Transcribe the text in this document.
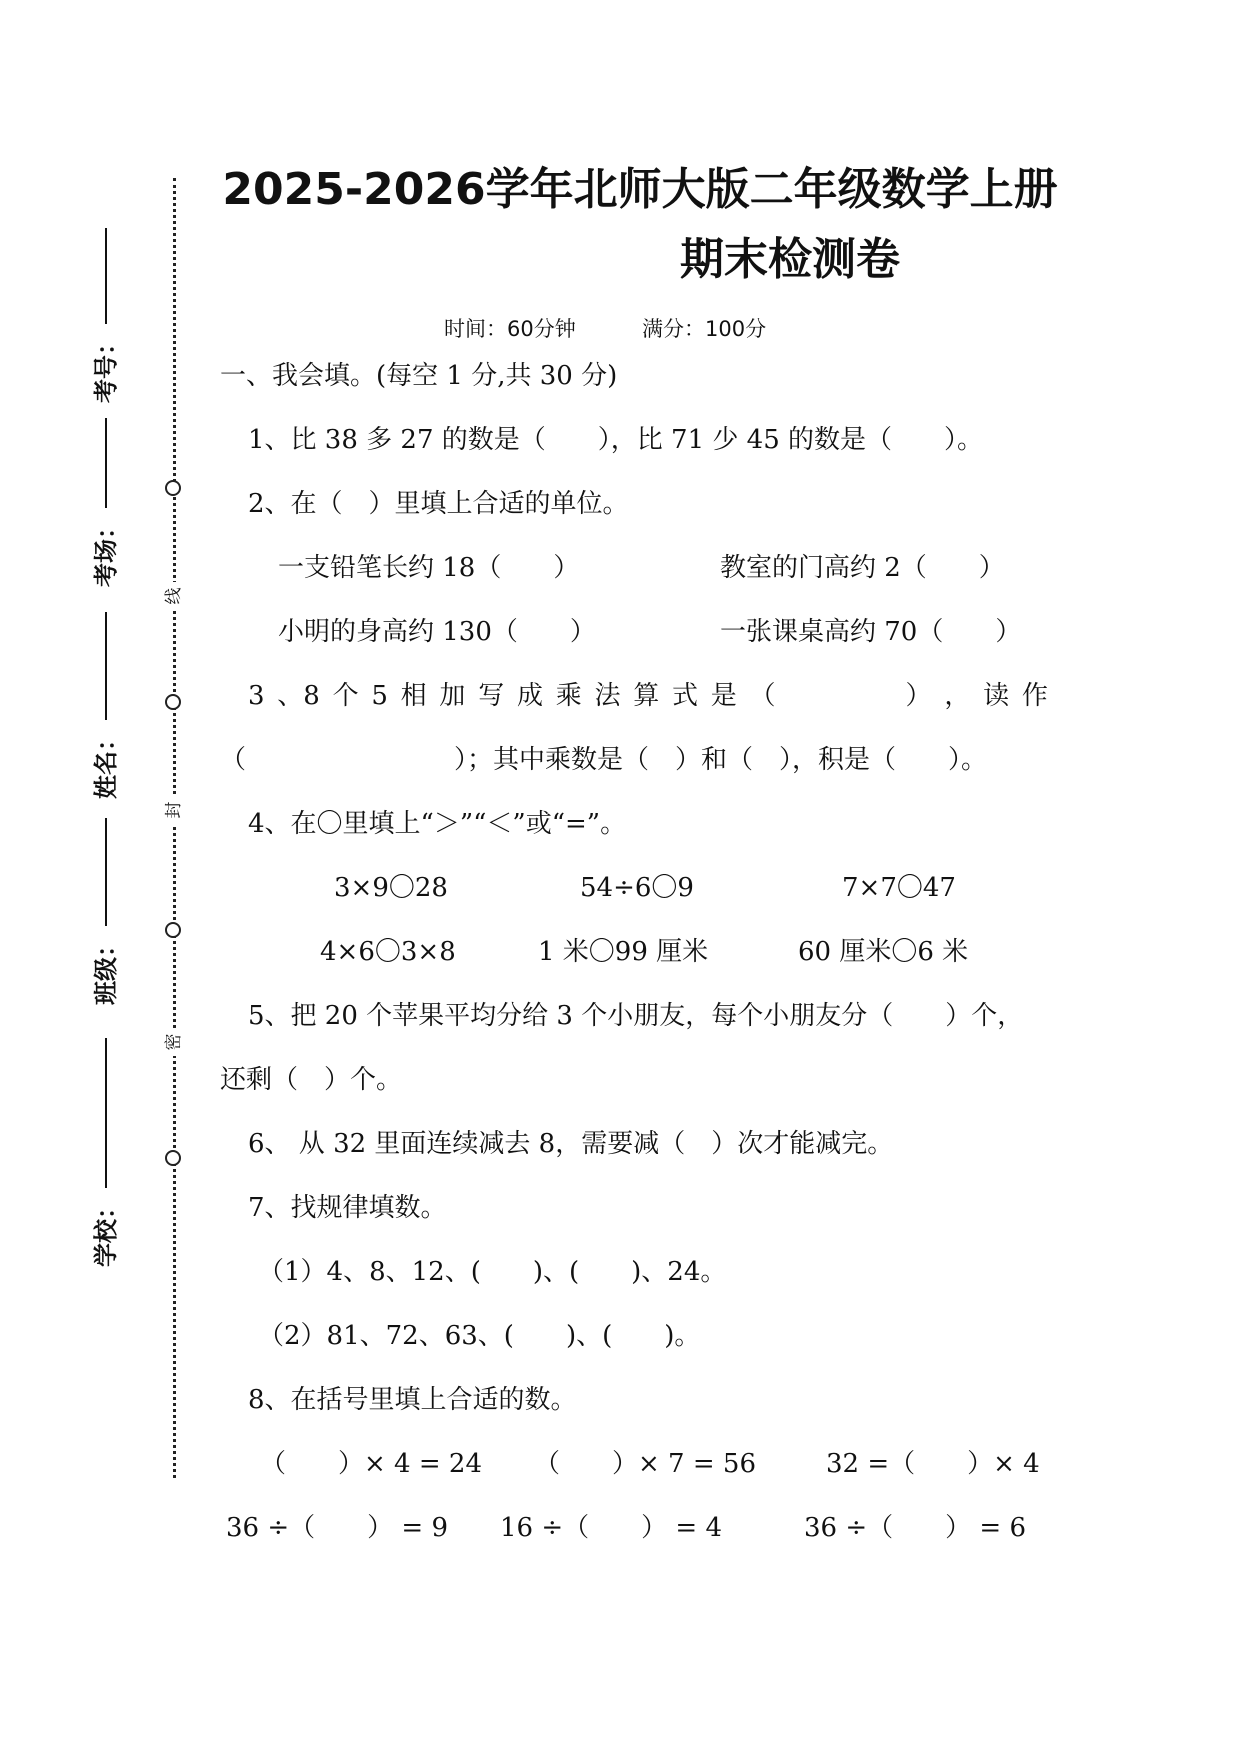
考号：
考场：
姓名：
班级：
学校：
线
封
密
2025-2026学年北师大版二年级数学上册
期末检测卷
时间：60分钟	满分：100分
一、我会填。(每空 1 分,共 30 分)
1、比 38 多 27 的数是（　　），比 71 少 45 的数是（　　）。
2、在（　）里填上合适的单位。
一支铅笔长约 18（　　）	教室的门高约 2（　　）
小明的身高约 130（　　）	一张课桌高约 70（　　）
3 、8 个 5 相 加 写 成 乘 法 算 式 是 （　　　　　） ， 读 作
（　　　　　　　　）；其中乘数是（　）和（　），积是（　　）。
4、在〇里填上“＞”“＜”或“=”。
3×9〇28	54÷6〇9	7×7〇47
4×6〇3×8	1 米〇99 厘米	60 厘米〇6 米
5、把 20 个苹果平均分给 3 个小朋友，每个小朋友分（　　）个，
还剩（　）个。
6、 从 32 里面连续减去 8，需要减（　）次才能减完。
7、找规律填数。
（1）4、8、12、(　　)、(　　)、24。
（2）81、72、63、(　　)、(　　)。
8、在括号里填上合适的数。
（　　）× 4 = 24 （　　）× 7 = 56	32 =（　　）× 4
36 ÷（　　） = 9 16 ÷（　　） = 4	36 ÷（　　） = 6
